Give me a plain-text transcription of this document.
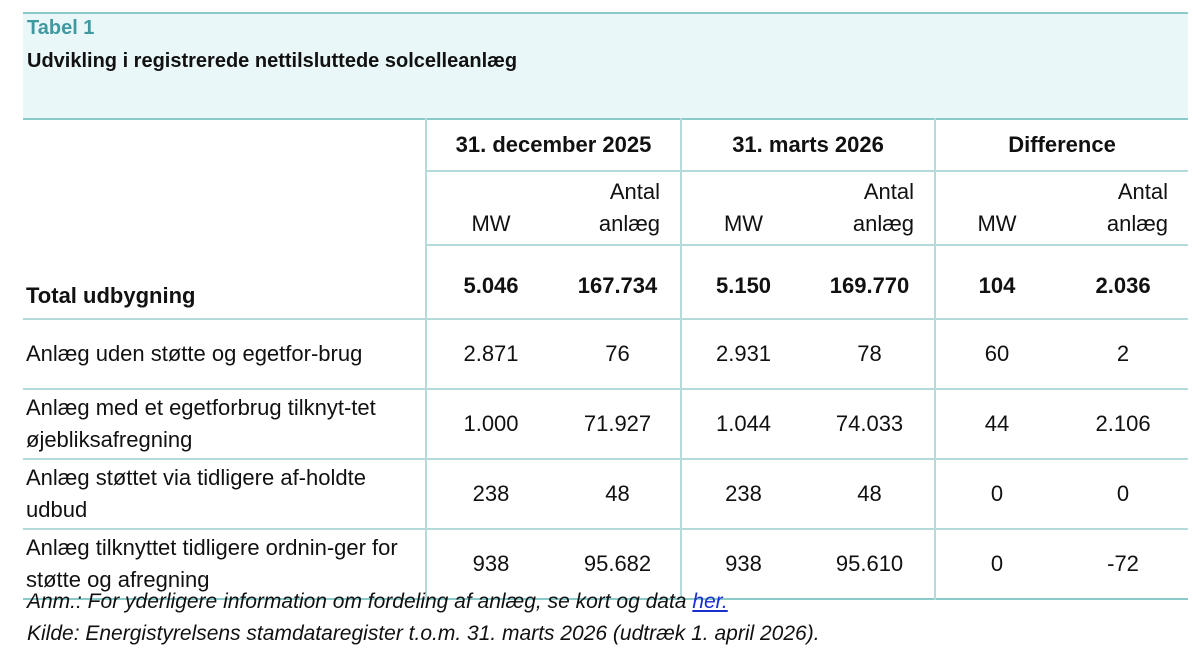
Tabel 1
Udvikling i registrerede nettilsluttede solcelleanlæg
	31. december 2025		31. marts 2026		Difference	
	MW	Antal anlæg	MW	Antal anlæg	MW	Antal anlæg
Total udbygning	5.046	167.734	5.150	169.770	104	2.036
Anlæg uden støtte og egetfor-brug	2.871	76	2.931	78	60	2
Anlæg med et egetforbrug tilknyt-tet øjebliksafregning	1.000	71.927	1.044	74.033	44	2.106
Anlæg støttet via tidligere af-holdte udbud	238	48	238	48	0	0
Anlæg tilknyttet tidligere ordnin-ger for støtte og afregning	938	95.682	938	95.610	0	-72
Anm.: For yderligere information om fordeling af anlæg, se kort og data her.
Kilde: Energistyrelsens stamdataregister t.o.m. 31. marts 2026 (udtræk 1. april 2026).
